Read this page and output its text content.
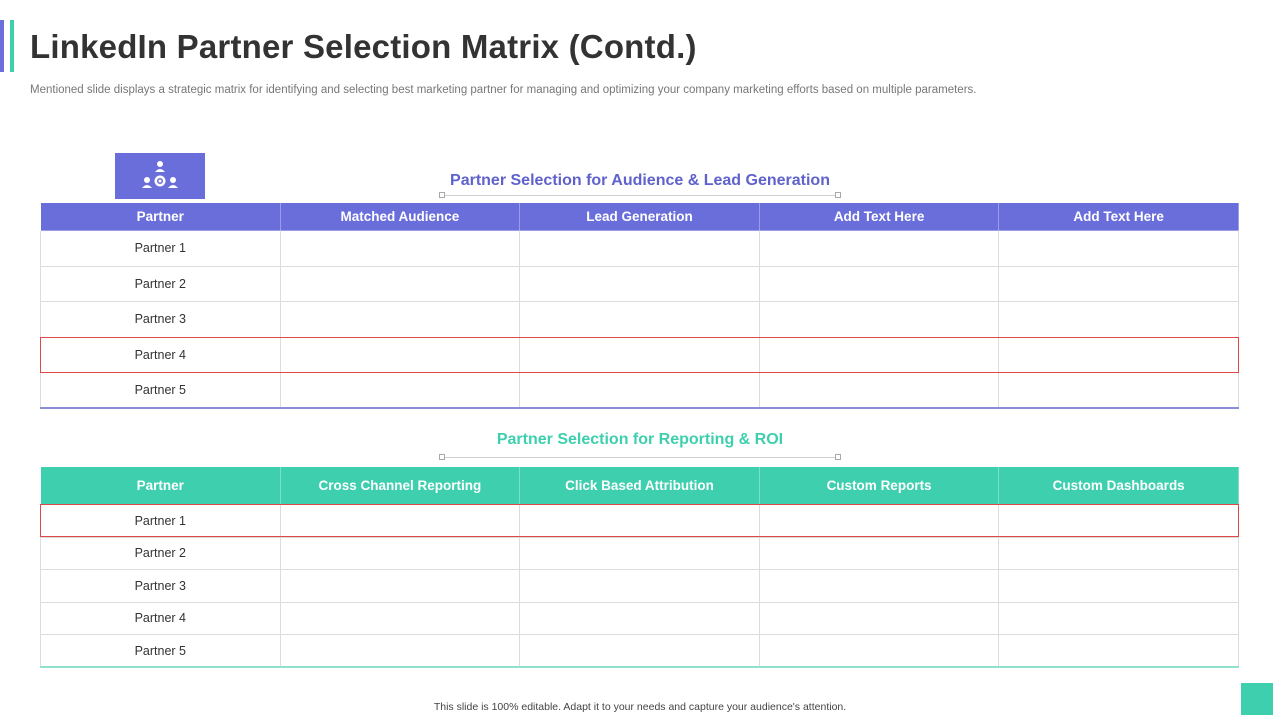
LinkedIn Partner Selection Matrix (Contd.)

Mentioned slide displays a strategic matrix for identifying and selecting best marketing partner for managing and optimizing your company marketing efforts based on multiple parameters.

Partner Selection for Audience & Lead Generation
Partner	Matched Audience	Lead Generation	Add Text Here	Add Text Here
Partner 1				
Partner 2				
Partner 3				
Partner 4				
Partner 5				
Partner Selection for Reporting & ROI
Partner	Cross Channel Reporting	Click Based Attribution	Custom Reports	Custom Dashboards
Partner 1				
Partner 2				
Partner 3				
Partner 4				
Partner 5				
This slide is 100% editable. Adapt it to your needs and capture your audience's attention.
